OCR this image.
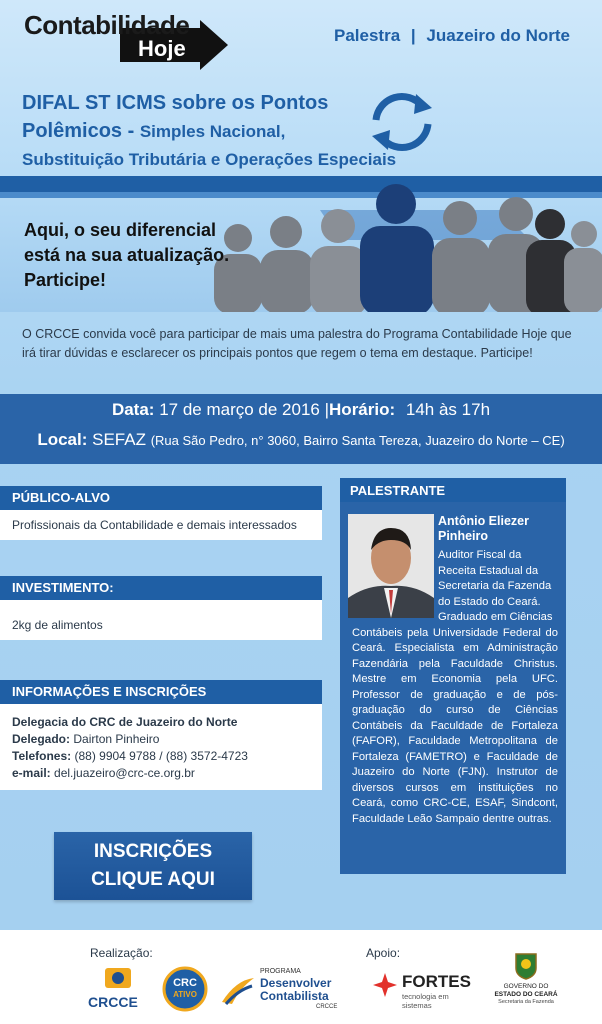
Contabilidade
Hoje
Palestra | Juazeiro do Norte
DIFAL ST ICMS sobre os Pontos
Polêmicos - Simples Nacional,
Substituição Tributária e Operações Especiais
Aqui, o seu diferencial
está na sua atualização.
Participe!
O CRCCE convida você para participar de mais uma palestra do Programa Contabilidade Hoje que
irá tirar dúvidas e esclarecer os principais pontos que regem o tema em destaque. Participe!
Data: 17 de março de 2016 |Horário: 14h às 17h
Local: SEFAZ (Rua São Pedro, n° 3060, Bairro Santa Tereza, Juazeiro do Norte – CE)
PÚBLICO-ALVO
Profissionais da Contabilidade e demais interessados
INVESTIMENTO:
2kg de alimentos
INFORMAÇÕES E INSCRIÇÕES
Delegacia do CRC de Juazeiro do Norte
Delegado: Dairton Pinheiro
Telefones: (88) 9904 9788 / (88) 3572-4723
e-mail: del.juazeiro@crc-ce.org.br
PALESTRANTE
Antônio Eliezer
Pinheiro
Auditor Fiscal da
Receita Estadual da
Secretaria da Fazenda
do Estado do Ceará.
Graduado em Ciências
Contábeis pela Universidade Federal do Ceará. Especialista em Administração Fazendária pela Faculdade Christus. Mestre em Economia pela UFC. Professor de graduação e de pós-graduação do curso de Ciências Contábeis da Faculdade de Fortaleza (FAFOR), Faculdade Metropolitana de Fortaleza (FAMETRO) e Faculdade de Juazeiro do Norte (FJN). Instrutor de diversos cursos em instituições no Ceará, como CRC-CE, ESAF, Sindcont, Faculdade Leão Sampaio dentre outras.
INSCRIÇÕES
CLIQUE AQUI
Realização:	Apoio:
CRCCE
CRC
ATIVO
PROGRAMA
Desenvolver
Contabilista
CRCCE
FORTES
tecnologia em sistemas
GOVERNO DO
ESTADO DO CEARÁ
Secretaria da Fazenda
